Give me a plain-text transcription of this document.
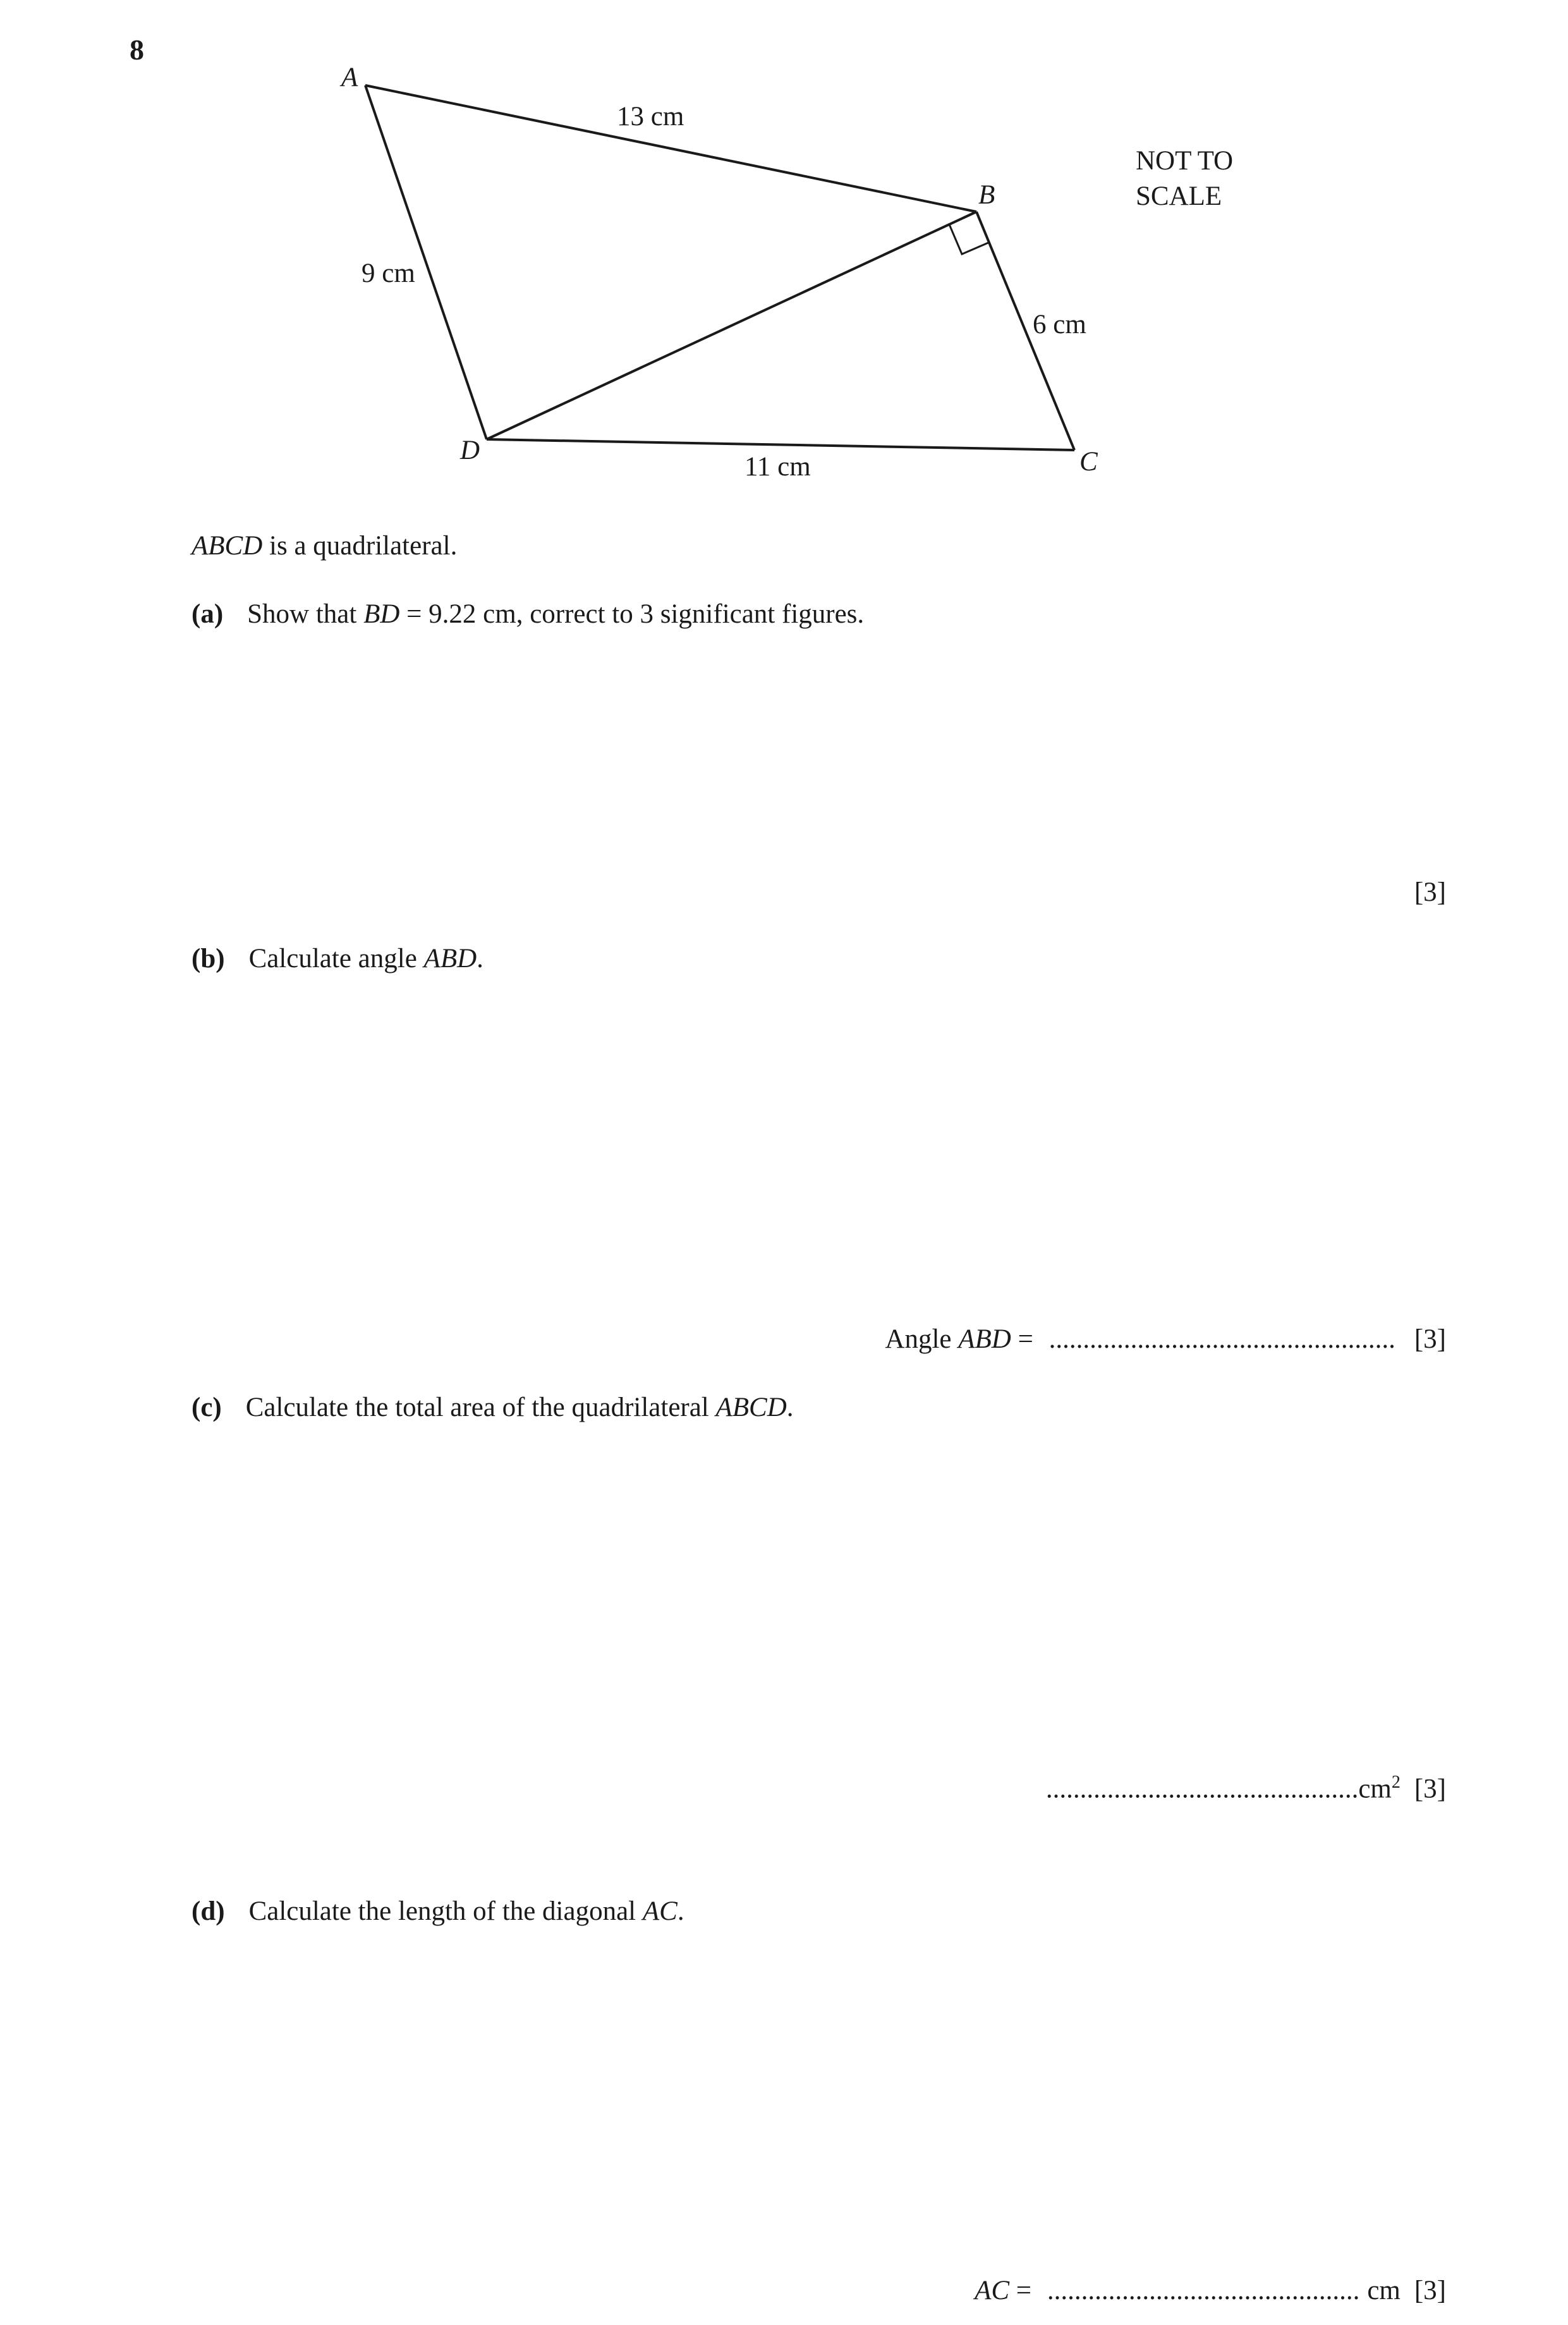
8
A
B
C
D
13 cm
9 cm
6 cm
11 cm
NOT TO
SCALE
ABCD is a quadrilateral.
(a) Show that BD = 9.22 cm, correct to 3 significant figures.
[3]
(b) Calculate angle ABD.
Angle ABD = ................................................... [3]
(c) Calculate the total area of the quadrilateral ABCD.
$..............................................cm^2$ [3]
(d) Calculate the length of the diagonal AC.
AC = .............................................. cm [3]
